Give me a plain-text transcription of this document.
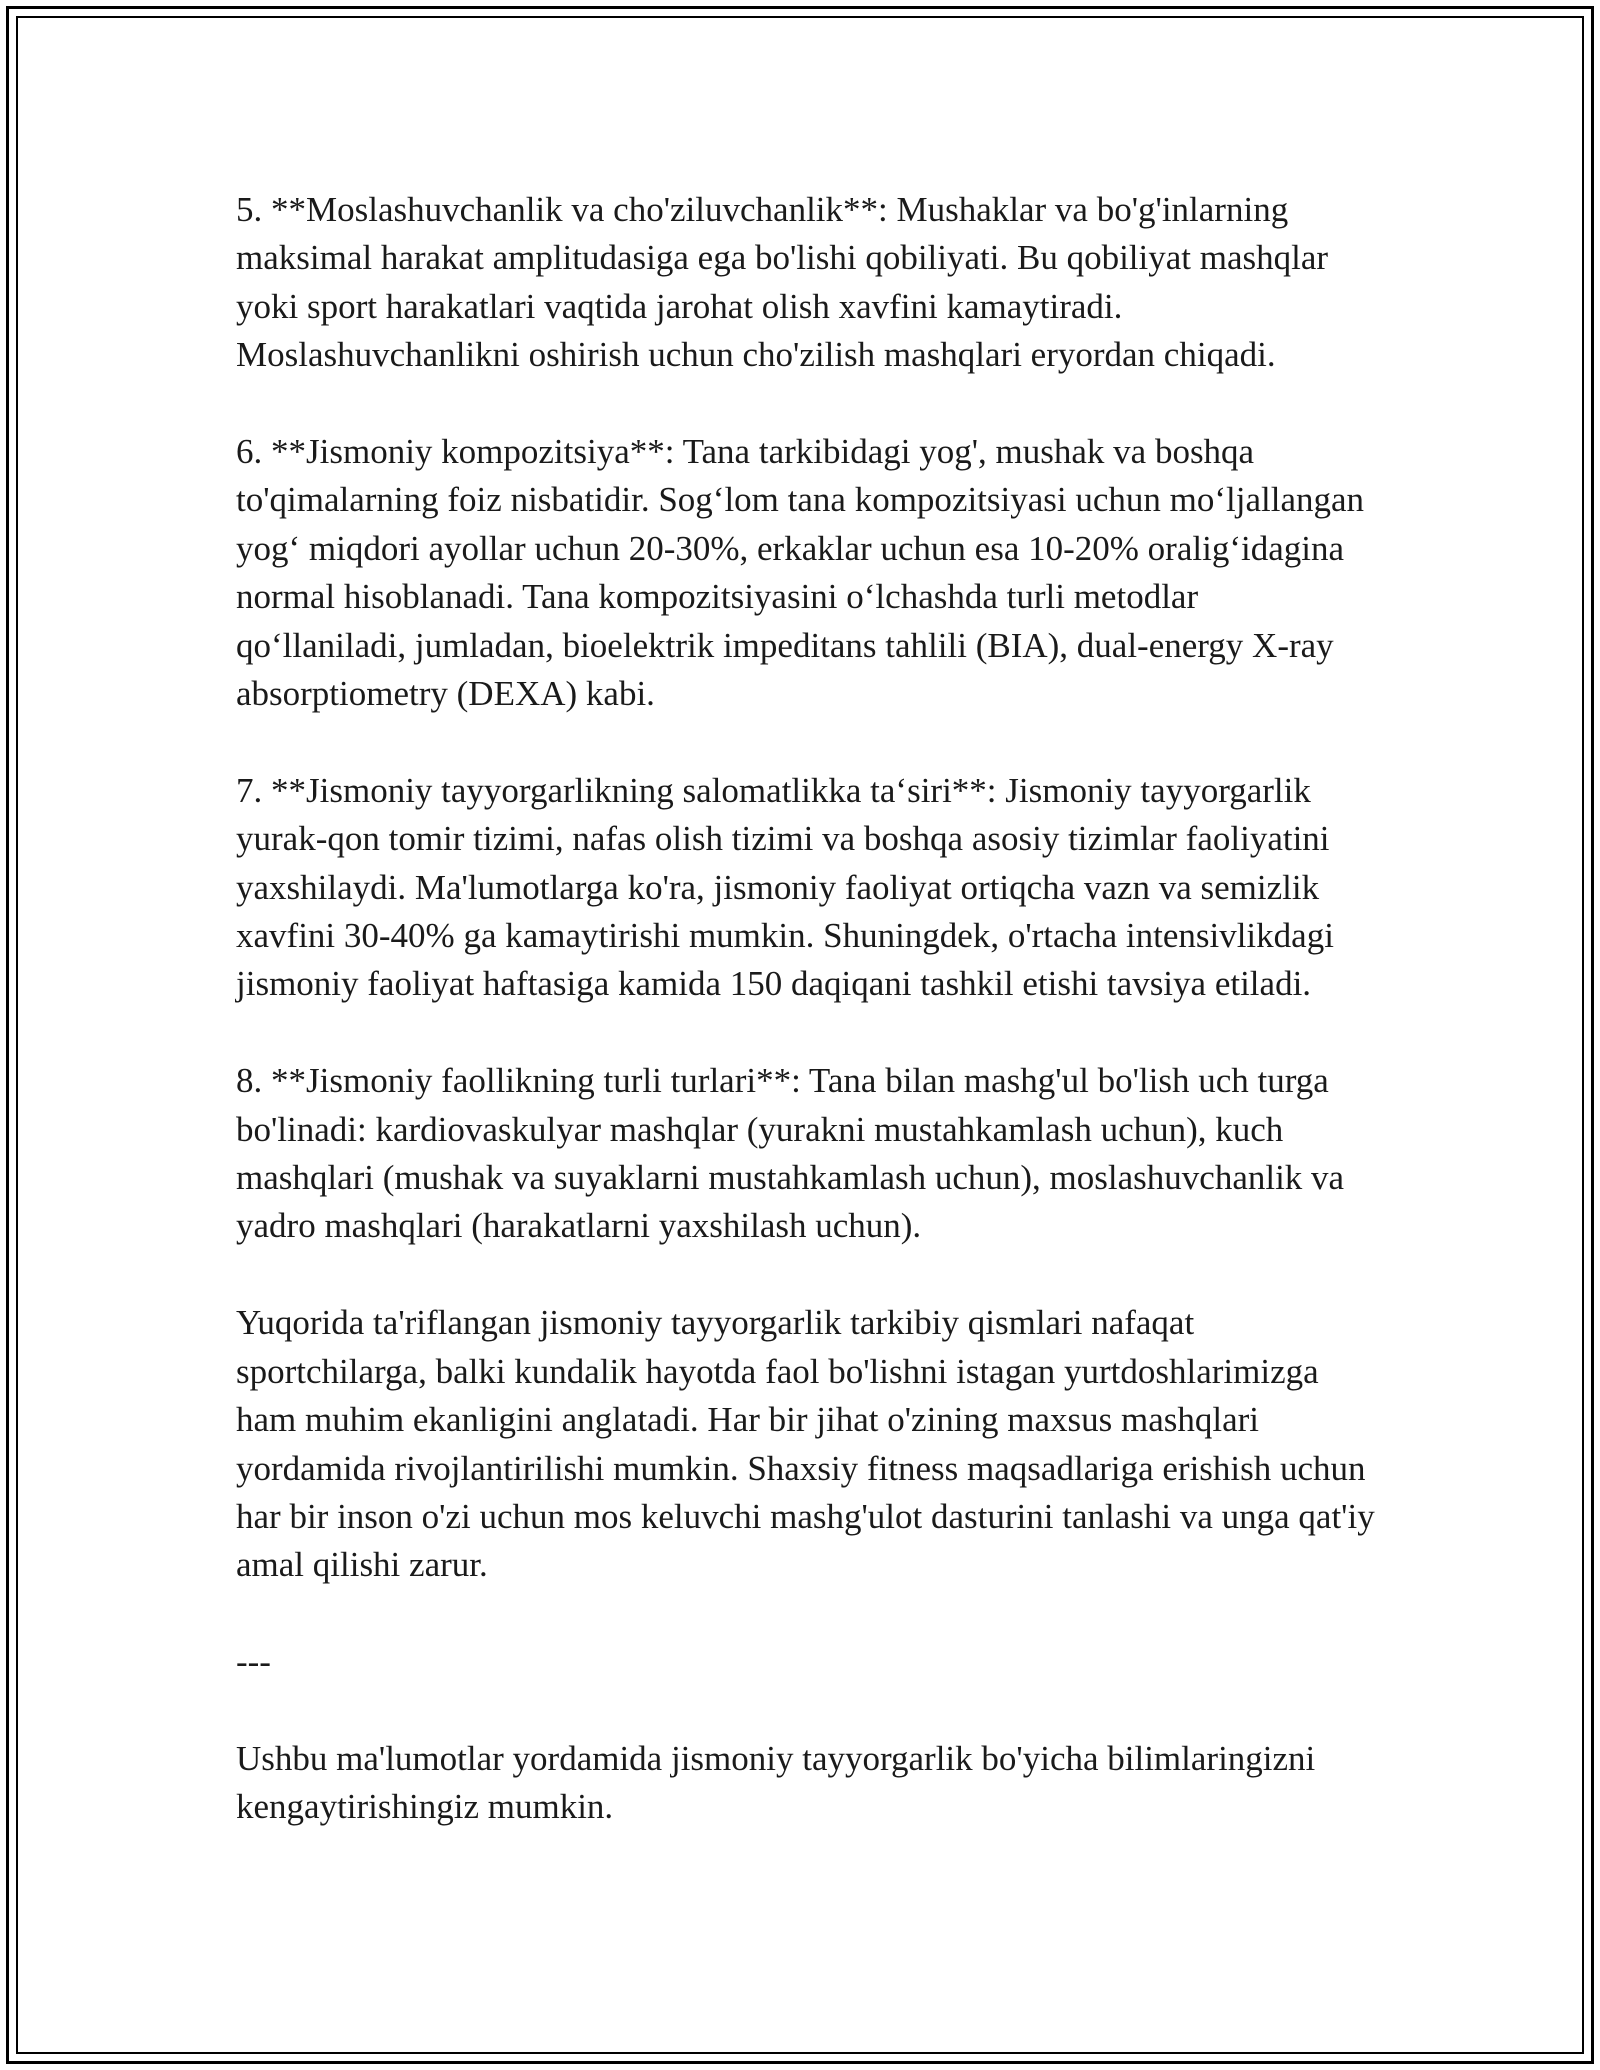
5. **Moslashuvchanlik va cho'ziluvchanlik**: Mushaklar va bo'g'inlarning maksimal harakat amplitudasiga ega bo'lishi qobiliyati. Bu qobiliyat mashqlar yoki sport harakatlari vaqtida jarohat olish xavfini kamaytiradi. Moslashuvchanlikni oshirish uchun cho'zilish mashqlari eryordan chiqadi.

6. **Jismoniy kompozitsiya**: Tana tarkibidagi yog', mushak va boshqa to'qimalarning foiz nisbatidir. Sog‘lom tana kompozitsiyasi uchun mo‘ljallangan yog‘ miqdori ayollar uchun 20-30%, erkaklar uchun esa 10-20% oralig‘idagina normal hisoblanadi. Tana kompozitsiyasini o‘lchashda turli metodlar qo‘llaniladi, jumladan, bioelektrik impeditans tahlili (BIA), dual-energy X-ray absorptiometry (DEXA) kabi.

7. **Jismoniy tayyorgarlikning salomatlikka ta‘siri**: Jismoniy tayyorgarlik yurak-qon tomir tizimi, nafas olish tizimi va boshqa asosiy tizimlar faoliyatini yaxshilaydi. Ma'lumotlarga ko'ra, jismoniy faoliyat ortiqcha vazn va semizlik xavfini 30-40% ga kamaytirishi mumkin. Shuningdek, o'rtacha intensivlikdagi jismoniy faoliyat haftasiga kamida 150 daqiqani tashkil etishi tavsiya etiladi.

8. **Jismoniy faollikning turli turlari**: Tana bilan mashg'ul bo'lish uch turga bo'linadi: kardiovaskulyar mashqlar (yurakni mustahkamlash uchun), kuch mashqlari (mushak va suyaklarni mustahkamlash uchun), moslashuvchanlik va yadro mashqlari (harakatlarni yaxshilash uchun).

Yuqorida ta'riflangan jismoniy tayyorgarlik tarkibiy qismlari nafaqat sportchilarga, balki kundalik hayotda faol bo'lishni istagan yurtdoshlarimizga ham muhim ekanligini anglatadi. Har bir jihat o'zining maxsus mashqlari yordamida rivojlantirilishi mumkin. Shaxsiy fitness maqsadlariga erishish uchun har bir inson o'zi uchun mos keluvchi mashg'ulot dasturini tanlashi va unga qat'iy amal qilishi zarur.

---

Ushbu ma'lumotlar yordamida jismoniy tayyorgarlik bo'yicha bilimlaringizni kengaytirishingiz mumkin.
